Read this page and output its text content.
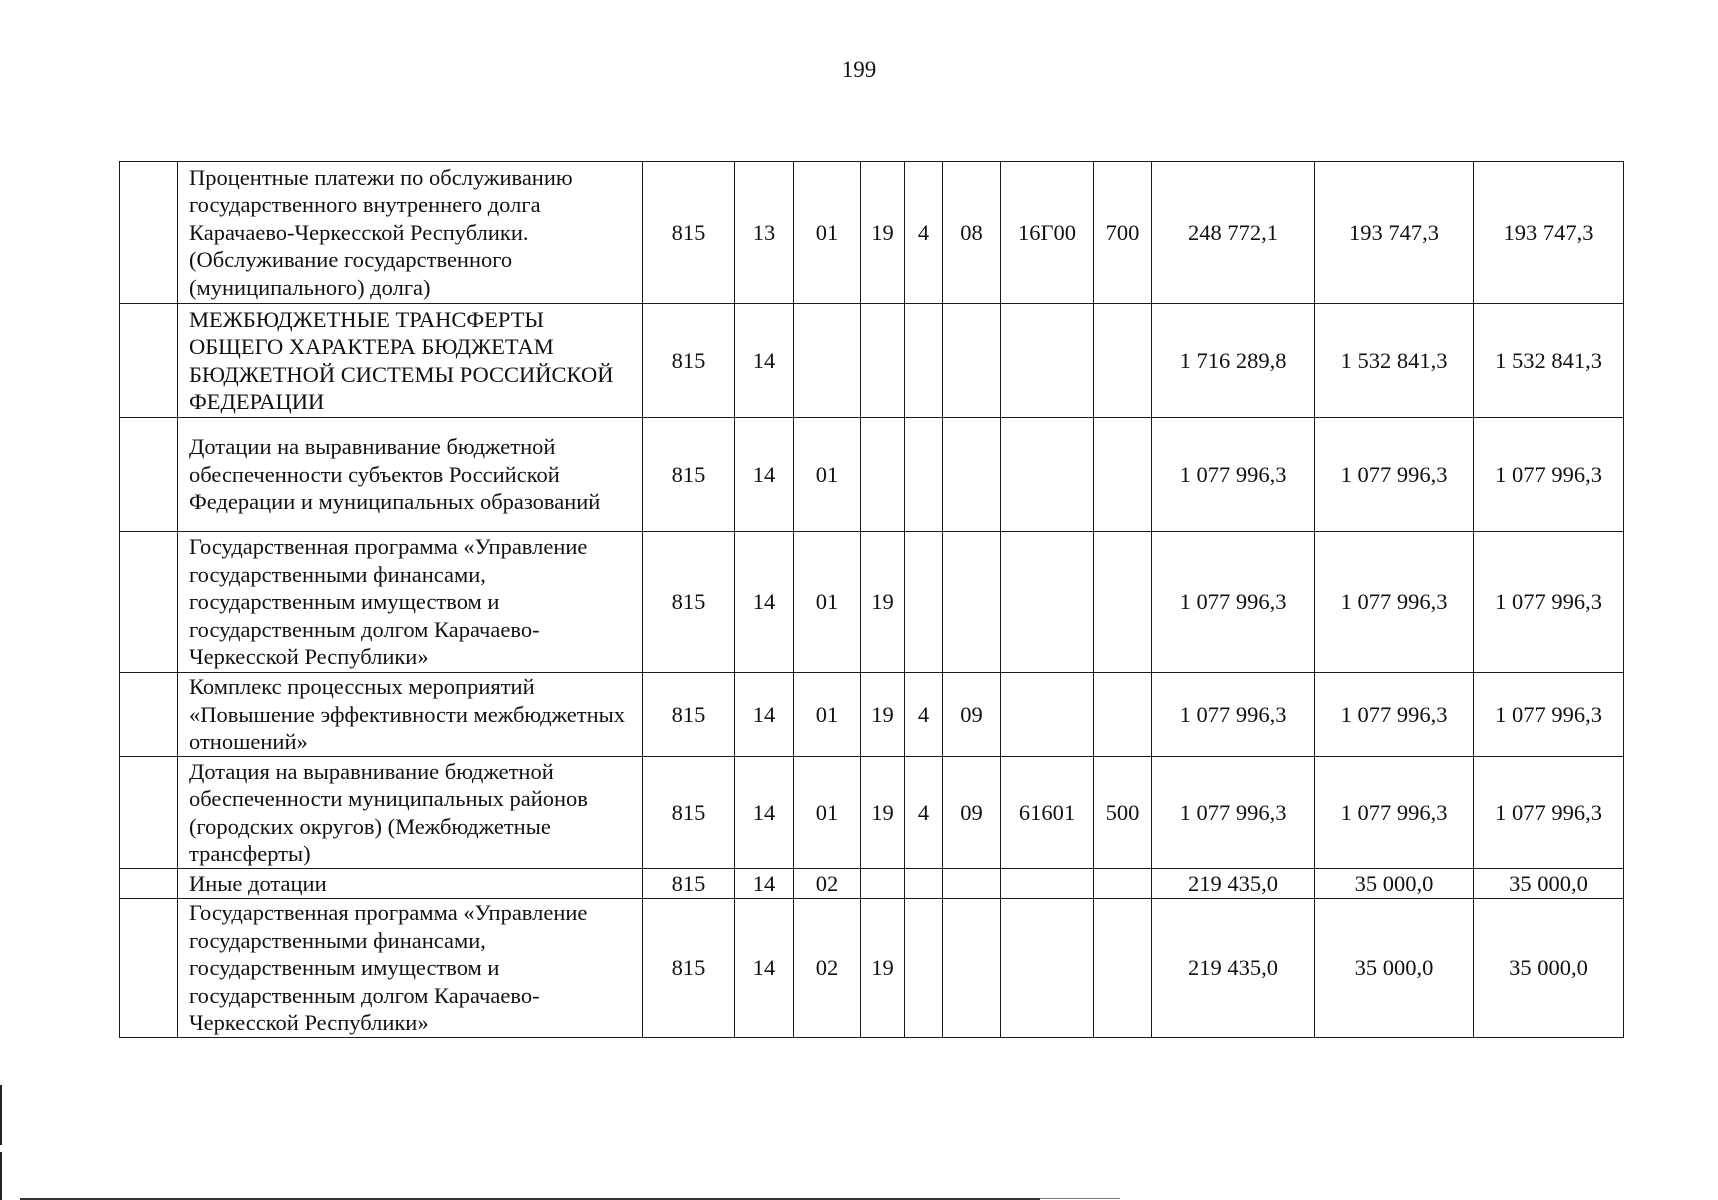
199
	Процентные платежи по обслуживанию государственного внутреннего долга Карачаево-Черкесской Республики. (Обслуживание государственного (муниципального) долга)	815	13	01	19	4	08	16Г00	700	248 772,1	193 747,3	193 747,3
	МЕЖБЮДЖЕТНЫЕ ТРАНСФЕРТЫ ОБЩЕГО ХАРАКТЕРА БЮДЖЕТАМ БЮДЖЕТНОЙ СИСТЕМЫ РОССИЙСКОЙ ФЕДЕРАЦИИ	815	14							1 716 289,8	1 532 841,3	1 532 841,3
	Дотации на выравнивание бюджетной обеспеченности субъектов Российской Федерации и муниципальных образований	815	14	01						1 077 996,3	1 077 996,3	1 077 996,3
	Государственная программа «Управление государственными финансами, государственным имуществом и государственным долгом Карачаево-Черкесской Республики»	815	14	01	19					1 077 996,3	1 077 996,3	1 077 996,3
	Комплекс процессных мероприятий «Повышение эффективности межбюджетных отношений»	815	14	01	19	4	09			1 077 996,3	1 077 996,3	1 077 996,3
	Дотация на выравнивание бюджетной обеспеченности муниципальных районов (городских округов) (Межбюджетные трансферты)	815	14	01	19	4	09	61601	500	1 077 996,3	1 077 996,3	1 077 996,3
	Иные дотации	815	14	02						219 435,0	35 000,0	35 000,0
	Государственная программа «Управление государственными финансами, государственным имуществом и государственным долгом Карачаево-Черкесской Республики»	815	14	02	19					219 435,0	35 000,0	35 000,0
